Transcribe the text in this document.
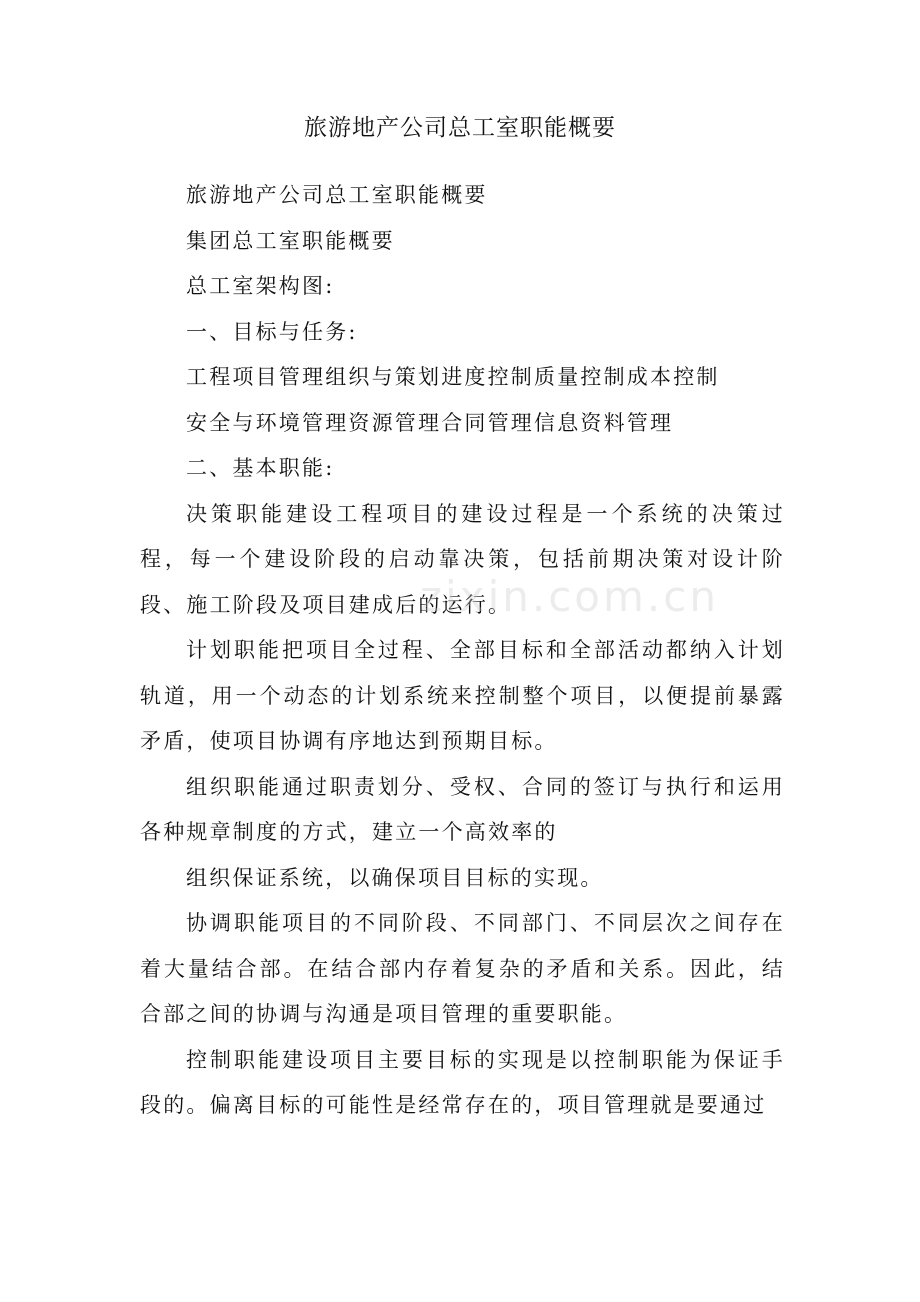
旅游地产公司总工室职能概要

旅游地产公司总工室职能概要

集团总工室职能概要

总工室架构图:

一、目标与任务:

工程项目管理组织与策划进度控制质量控制成本控制

安全与环境管理资源管理合同管理信息资料管理

二、基本职能:

决策职能建设工程项目的建设过程是一个系统的决策过程，每一个建设阶段的启动靠决策，包括前期决策对设计阶段、施工阶段及项目建成后的运行。

计划职能把项目全过程、全部目标和全部活动都纳入计划轨道，用一个动态的计划系统来控制整个项目，以便提前暴露矛盾，使项目协调有序地达到预期目标。

组织职能通过职责划分、受权、合同的签订与执行和运用各种规章制度的方式，建立一个高效率的

组织保证系统，以确保项目目标的实现。

协调职能项目的不同阶段、不同部门、不同层次之间存在着大量结合部。在结合部内存着复杂的矛盾和关系。因此，结合部之间的协调与沟通是项目管理的重要职能。

控制职能建设项目主要目标的实现是以控制职能为保证手段的。偏离目标的可能性是经常存在的，项目管理就是要通过

zixin.com.cn
